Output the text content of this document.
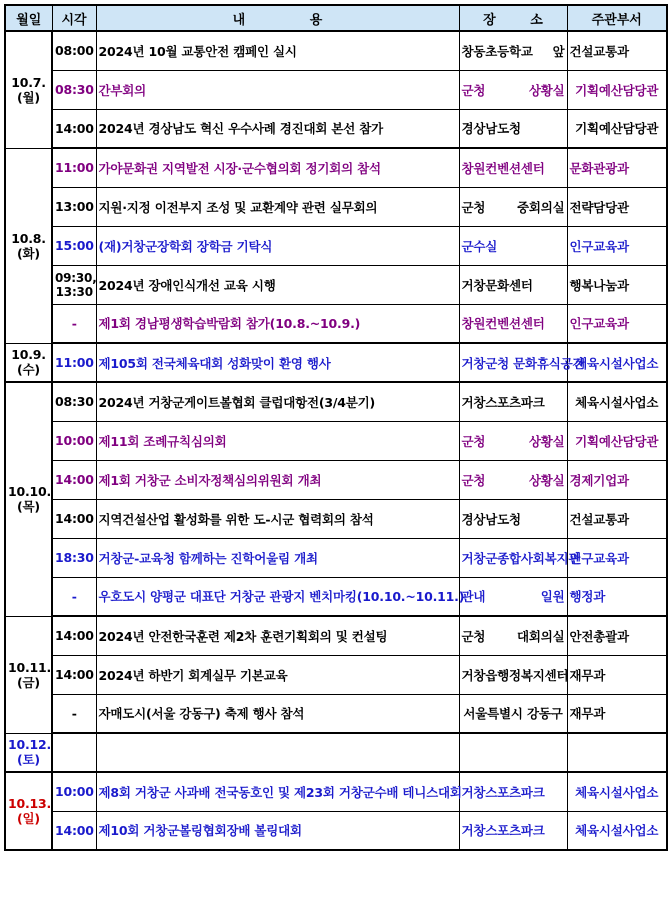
월일	시각	내 용	장 소	주관부서

10.7.
(월)	08:00	2024년 10월 교통안전 캠페인 실시	창동초등학교 앞	건설교통과

	08:30	간부회의	군청 상황실	기획예산담당관

	14:00	2024년 경상남도 혁신 우수사례 경진대회 본선 참가	경상남도청	기획예산담당관

10.8.
(화)	11:00	가야문화권 지역발전 시장·군수협의회 정기회의 참석	창원컨벤션센터	문화관광과

	13:00	지원·지정 이전부지 조성 및 교환계약 관련 실무회의	군청 중회의실	전략담당관

	15:00	(재)거창군장학회 장학금 기탁식	군수실	인구교육과

	09:30,
13:30	2024년 장애인식개선 교육 시행	거창문화센터	행복나눔과

	-	제1회 경남평생학습박람회 참가(10.8.~10.9.)	창원컨벤션센터	인구교육과

10.9.
(수)	11:00	제105회 전국체육대회 성화맞이 환영 행사	거창군청 문화휴식공간	체육시설사업소

10.10.
(목)	08:30	2024년 거창군게이트볼협회 클럽대항전(3/4분기)	거창스포츠파크	체육시설사업소

	10:00	제11회 조례규칙심의회	군청 상황실	기획예산담당관

	14:00	제1회 거창군 소비자정책심의위원회 개최	군청 상황실	경제기업과

	14:00	지역건설산업 활성화를 위한 도-시군 협력회의 참석	경상남도청	건설교통과

	18:30	거창군-교육청 함께하는 진학어울림 개최	거창군종합사회복지관	인구교육과

	-	우호도시 양평군 대표단 거창군 관광지 벤치마킹(10.10.~10.11.)	관내 일원	행정과

10.11.
(금)	14:00	2024년 안전한국훈련 제2차 훈련기획회의 및 컨설팅	군청 대회의실	안전총괄과

	14:00	2024년 하반기 회계실무 기본교육	거창읍행정복지센터	재무과

	-	자매도시(서울 강동구) 축제 행사 참석	서울특별시 강동구	재무과

10.12.
(토)				

10.13.
(일)	10:00	제8회 거창군 사과배 전국동호인 및 제23회 거창군수배 테니스대회	거창스포츠파크	체육시설사업소

	14:00	제10회 거창군볼링협회장배 볼링대회	거창스포츠파크	체육시설사업소
